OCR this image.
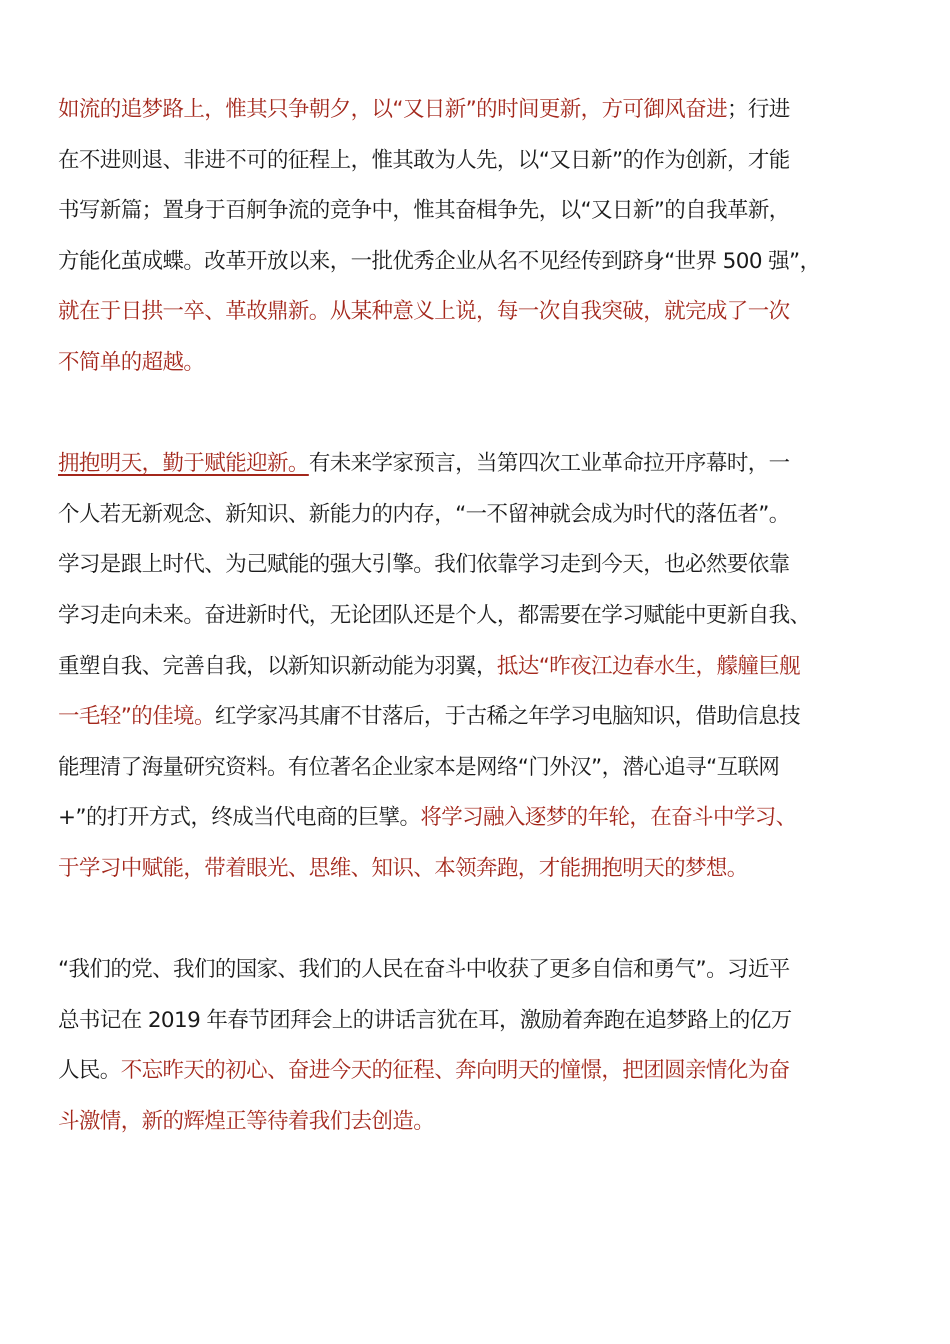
如流的追梦路上，惟其只争朝夕，以“又日新”的时间更新，方可御风奋进；行进
在不进则退、非进不可的征程上，惟其敢为人先，以“又日新”的作为创新，才能
书写新篇；置身于百舸争流的竞争中，惟其奋楫争先，以“又日新”的自我革新，
方能化茧成蝶。改革开放以来，一批优秀企业从名不见经传到跻身“世界 500 强”，
就在于日拱一卒、革故鼎新。从某种意义上说，每一次自我突破，就完成了一次
不简单的超越。
拥抱明天，勤于赋能迎新。有未来学家预言，当第四次工业革命拉开序幕时，一
个人若无新观念、新知识、新能力的内存，“一不留神就会成为时代的落伍者”。
学习是跟上时代、为己赋能的强大引擎。我们依靠学习走到今天，也必然要依靠
学习走向未来。奋进新时代，无论团队还是个人，都需要在学习赋能中更新自我、
重塑自我、完善自我，以新知识新动能为羽翼，抵达“昨夜江边春水生，艨艟巨舰
一毛轻”的佳境。红学家冯其庸不甘落后，于古稀之年学习电脑知识，借助信息技
能理清了海量研究资料。有位著名企业家本是网络“门外汉”，潜心追寻“互联网
+”的打开方式，终成当代电商的巨擘。将学习融入逐梦的年轮，在奋斗中学习、
于学习中赋能，带着眼光、思维、知识、本领奔跑，才能拥抱明天的梦想。
“我们的党、我们的国家、我们的人民在奋斗中收获了更多自信和勇气”。习近平
总书记在 2019 年春节团拜会上的讲话言犹在耳，激励着奔跑在追梦路上的亿万
人民。不忘昨天的初心、奋进今天的征程、奔向明天的憧憬，把团圆亲情化为奋
斗激情，新的辉煌正等待着我们去创造。
